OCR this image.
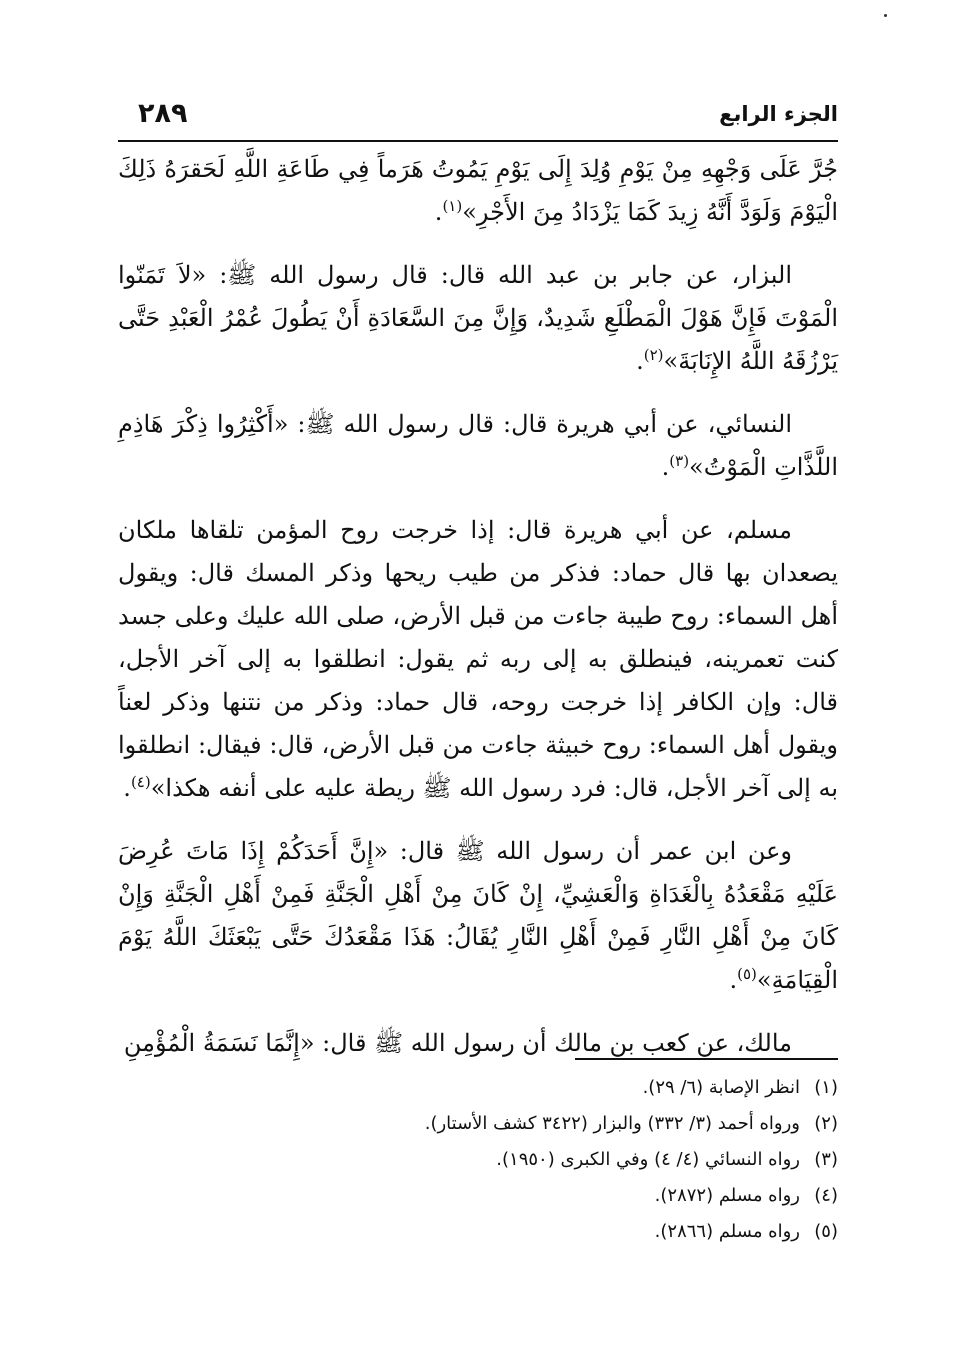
الجزء الرابع
٢٨٩

جُرَّ عَلَى وَجْهِهِ مِنْ يَوْمِ وُلِدَ إِلَى يَوْمِ يَمُوتُ هَرَماً فِي طَاعَةِ اللَّهِ لَحَقرَهُ ذَلِكَ الْيَوْمَ وَلَوَدَّ أَنَّهُ زِيدَ كَمَا يَزْدَادُ مِنَ الأَجْرِ»$^{(١)}$.

البزار، عن جابر بن عبد الله قال: قال رسول الله ﷺ: «لاَ تَمَنّوا الْمَوْتَ فَإِنَّ هَوْلَ الْمَطْلَعِ شَدِيدٌ، وَإِنَّ مِنَ السَّعَادَةِ أَنْ يَطُولَ عُمْرُ الْعَبْدِ حَتَّى يَرْزُقَهُ اللَّهُ الإِنَابَةَ»$^{(٢)}$.

النسائي، عن أبي هريرة قال: قال رسول الله ﷺ: «أَكْثِرُوا ذِكْرَ هَاذِمِ اللَّذَّاتِ الْمَوْتُ»$^{(٣)}$.

مسلم، عن أبي هريرة قال: إذا خرجت روح المؤمن تلقاها ملكان يصعدان بها قال حماد: فذكر من طيب ريحها وذكر المسك قال: ويقول أهل السماء: روح طيبة جاءت من قبل الأرض، صلى الله عليك وعلى جسد كنت تعمرينه، فينطلق به إلى ربه ثم يقول: انطلقوا به إلى آخر الأجل، قال: وإن الكافر إذا خرجت روحه، قال حماد: وذكر من نتنها وذكر لعناً ويقول أهل السماء: روح خبيثة جاءت من قبل الأرض، قال: فيقال: انطلقوا به إلى آخر الأجل، قال: فرد رسول الله ﷺ ريطة عليه على أنفه هكذا»$^{(٤)}$.

وعن ابن عمر أن رسول الله ﷺ قال: «إِنَّ أَحَدَكُمْ إِذَا مَاتَ عُرِضَ عَلَيْهِ مَقْعَدُهُ بِالْغَدَاةِ وَالْعَشِيِّ، إِنْ كَانَ مِنْ أَهْلِ الْجَنَّةِ فَمِنْ أَهْلِ الْجَنَّةِ وَإِنْ كَانَ مِنْ أَهْلِ النَّارِ فَمِنْ أَهْلِ النَّارِ يُقَالُ: هَذَا مَقْعَدُكَ حَتَّى يَبْعَثَكَ اللَّهُ يَوْمَ الْقِيَامَةِ»$^{(٥)}$.

مالك، عن كعب بن مالك أن رسول الله ﷺ قال: «إِنَّمَا نَسَمَةُ الْمُؤْمِنِ

(١)انظر الإصابة (٦/ ٢٩).
(٢)ورواه أحمد (٣/ ٣٣٢) والبزار (٣٤٢٢ كشف الأستار).
(٣)رواه النسائي (٤/ ٤) وفي الكبرى (١٩٥٠).
(٤)رواه مسلم (٢٨٧٢).
(٥)رواه مسلم (٢٨٦٦).
